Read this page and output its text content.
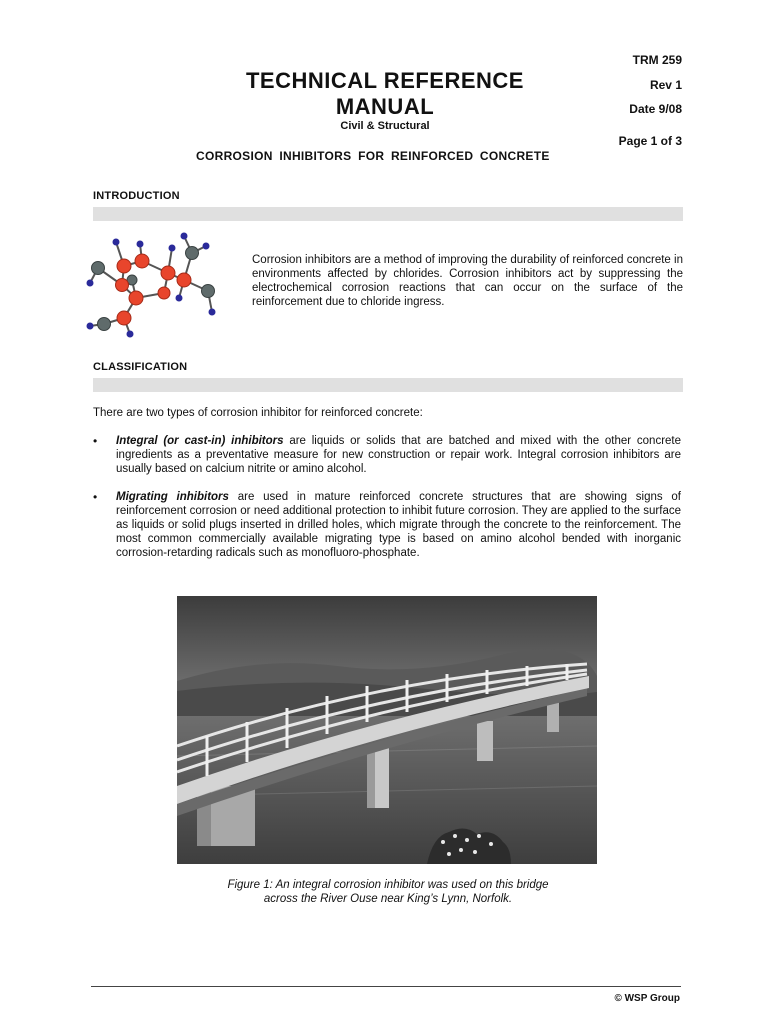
TECHNICAL REFERENCE
MANUAL
Civil & Structural
TRM 259
Rev 1
Date 9/08
Page 1 of 3
CORROSION INHIBITORS FOR REINFORCED CONCRETE
INTRODUCTION
Corrosion inhibitors are a method of improving the durability of reinforced concrete in environments affected by chlorides. Corrosion inhibitors act by suppressing the electrochemical corrosion reactions that can occur on the surface of the reinforcement due to chloride ingress.
CLASSIFICATION
There are two types of corrosion inhibitor for reinforced concrete:
• Integral (or cast-in) inhibitors are liquids or solids that are batched and mixed with the other concrete ingredients as a preventative measure for new construction or repair work. Integral corrosion inhibitors are usually based on calcium nitrite or amino alcohol.
• Migrating inhibitors are used in mature reinforced concrete structures that are showing signs of reinforcement corrosion or need additional protection to inhibit future corrosion. They are applied to the surface as liquids or solid plugs inserted in drilled holes, which migrate through the concrete to the reinforcement. The most common commercially available migrating type is based on amino alcohol bended with inorganic corrosion-retarding radicals such as monofluoro-phosphate.
Figure 1: An integral corrosion inhibitor was used on this bridge
across the River Ouse near King’s Lynn, Norfolk.
© WSP Group
